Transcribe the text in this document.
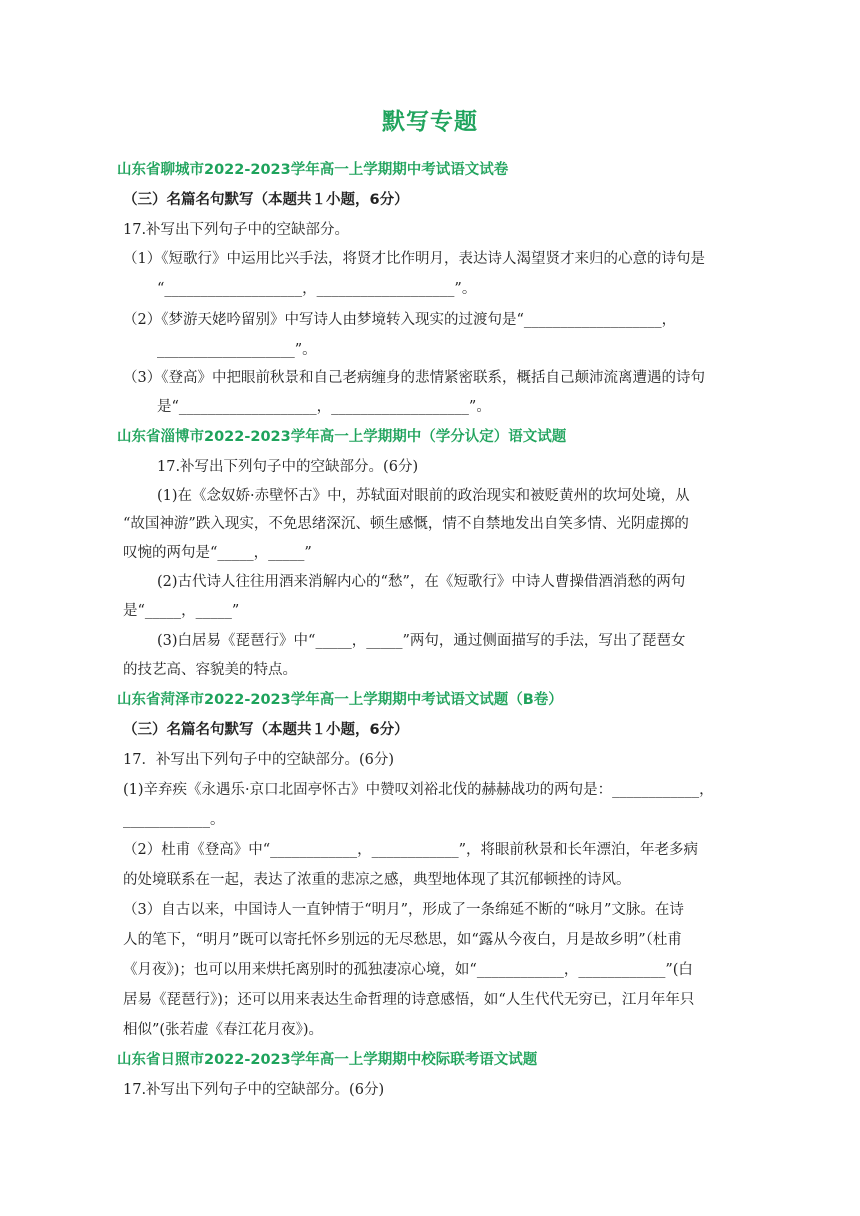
默写专题
山东省聊城市2022-2023学年高一上学期期中考试语文试卷
（三）名篇名句默写（本题共１小题，6分）
17.补写出下列句子中的空缺部分。
（1）《短歌行》中运用比兴手法，将贤才比作明月，表达诗人渴望贤才来归的心意的诗句是
“___________________，___________________”。
（2）《梦游天姥吟留别》中写诗人由梦境转入现实的过渡句是“___________________，
___________________”。
（3）《登高》中把眼前秋景和自己老病缠身的悲情紧密联系，概括自己颠沛流离遭遇的诗句
是“___________________，___________________”。
山东省淄博市2022-2023学年高一上学期期中（学分认定）语文试题
17.补写出下列句子中的空缺部分。(6分)
(1)在《念奴娇·赤壁怀古》中，苏轼面对眼前的政治现实和被贬黄州的坎坷处境，从
“故国神游”跌入现实，不免思绪深沉、顿生感慨，情不自禁地发出自笑多情、光阴虚掷的
叹惋的两句是“_____，_____”
(2)古代诗人往往用酒来消解内心的“愁”，在《短歌行》中诗人曹操借酒消愁的两句
是“_____，_____”
(3)白居易《琵琶行》中“_____，_____”两句，通过侧面描写的手法，写出了琵琶女
的技艺高、容貌美的特点。
山东省菏泽市2022-2023学年高一上学期期中考试语文试题（B卷）
（三）名篇名句默写（本题共１小题，6分）
17．补写出下列句子中的空缺部分。(6分)
(1)辛弃疾《永遇乐·京口北固亭怀古》中赞叹刘裕北伐的赫赫战功的两句是：____________，
____________。
（2）杜甫《登高》中“____________，____________”，将眼前秋景和长年漂泊，年老多病
的处境联系在一起，表达了浓重的悲凉之感，典型地体现了其沉郁顿挫的诗风。
（3）自古以来，中国诗人一直钟情于“明月”，形成了一条绵延不断的“咏月”文脉。在诗
人的笔下，“明月”既可以寄托怀乡别远的无尽愁思，如“露从今夜白，月是故乡明”（杜甫
《月夜》)；也可以用来烘托离别时的孤独凄凉心境，如“____________，____________”(白
居易《琵琶行》)；还可以用来表达生命哲理的诗意感悟，如“人生代代无穷已，江月年年只
相似”(张若虚《春江花月夜》)。
山东省日照市2022-2023学年高一上学期期中校际联考语文试题
17.补写出下列句子中的空缺部分。(6分)
